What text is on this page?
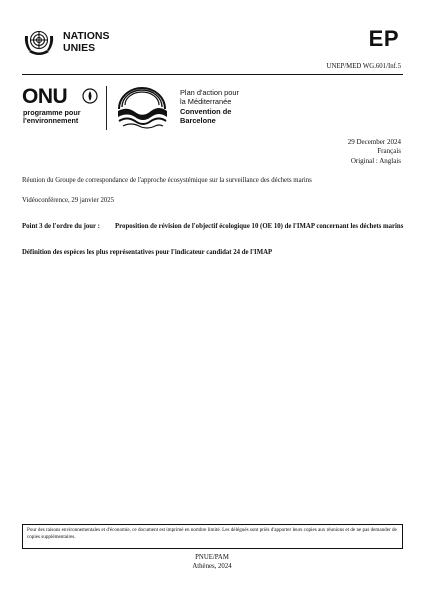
NATIONS
UNIES	EP
UNEP/MED WG.601/Inf.5
ONU
programme pour
l'environnement
Plan d'action pour
la Méditerranée
Convention de
Barcelone
29 December 2024
Français
Original : Anglais
Réunion du Groupe de correspondance de l'approche écosystémique sur la surveillance des déchets marins
Vidéoconférence, 29 janvier 2025
Point 3 de l'ordre du jour : Proposition de révision de l'objectif écologique 10 (OE 10) de l'IMAP concernant les déchets marins
Définition des espèces les plus représentatives pour l'indicateur candidat 24 de l'IMAP
Pour des raisons environnementales et d'économie, ce document est imprimé en nombre limité. Les délégués sont priés d'apporter leurs copies aux réunions et de ne pas demander de copies supplémentaires.
PNUE/PAM
Athènes, 2024
